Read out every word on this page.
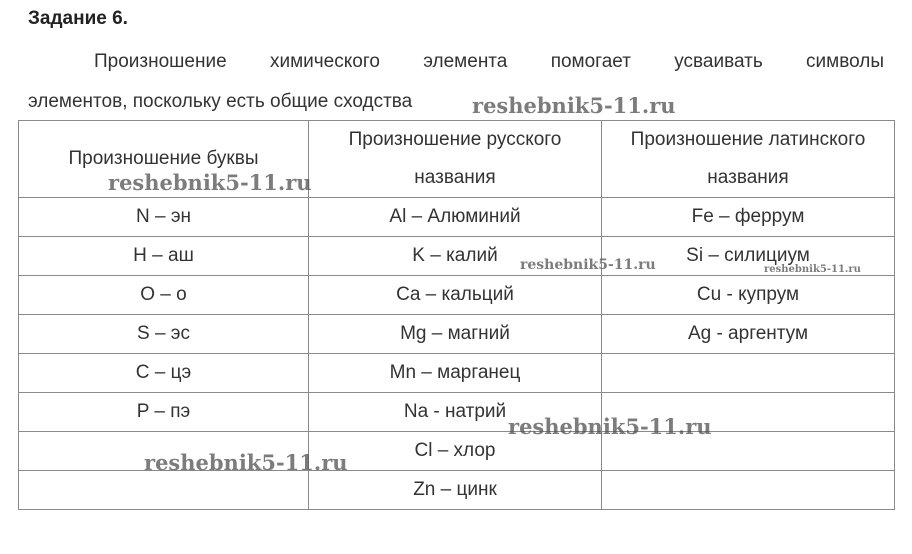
Задание 6.
Произношение химического элемента помогает усваивать символы
элементов, поскольку есть общие сходства
Произношение буквы	Произношение русского названия	Произношение латинского названия
N – эн	Al – Алюминий	Fe – феррум
H – аш	K – калий	Si – силициум
O – о	Ca – кальций	Cu - купрум
S – эс	Mg – магний	Ag - аргентум
C – цэ	Mn – марганец	
P – пэ	Na - натрий	
	Cl – хлор	
	Zn – цинк	
reshebnik5-11.ru
reshebnik5-11.ru
reshebnik5-11.ru	reshebnik5-11.ru
reshebnik5-11.ru
reshebnik5-11.ru
